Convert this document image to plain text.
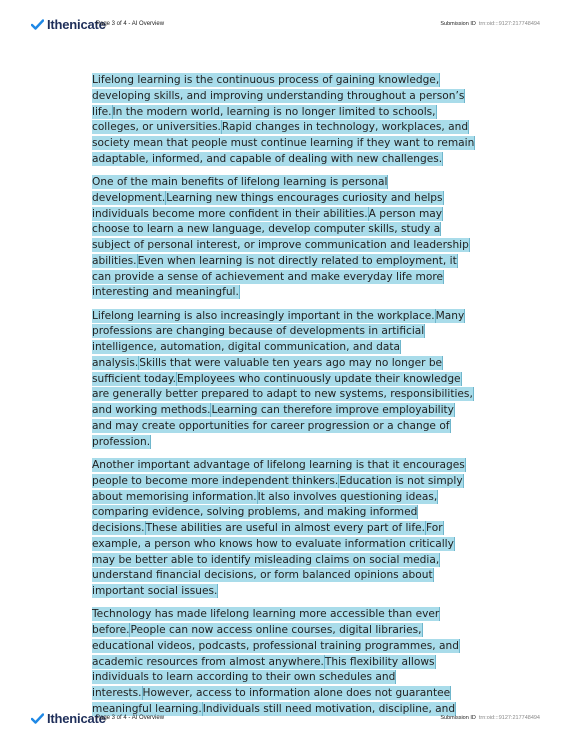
Ithenicate
Page 3 of 4 - AI Overview	Submission ID trn:oid:::9127:217748494

Lifelong learning is the continuous process of gaining knowledge, developing skills, and improving understanding throughout a person’s life.In the modern world, learning is no longer limited to schools, colleges, or universities.Rapid changes in technology, workplaces, and society mean that people must continue learning if they want to remain adaptable, informed, and capable of dealing with new challenges.

One of the main benefits of lifelong learning is personal development.Learning new things encourages curiosity and helps individuals become more confident in their abilities.A person may choose to learn a new language, develop computer skills, study a subject of personal interest, or improve communication and leadership abilities.Even when learning is not directly related to employment, it can provide a sense of achievement and make everyday life more interesting and meaningful.

Lifelong learning is also increasingly important in the workplace.Many professions are changing because of developments in artificial intelligence, automation, digital communication, and data analysis.Skills that were valuable ten years ago may no longer be sufficient today.Employees who continuously update their knowledge are generally better prepared to adapt to new systems, responsibilities, and working methods.Learning can therefore improve employability and may create opportunities for career progression or a change of profession.

Another important advantage of lifelong learning is that it encourages people to become more independent thinkers.Education is not simply about memorising information.It also involves questioning ideas, comparing evidence, solving problems, and making informed decisions.These abilities are useful in almost every part of life.For example, a person who knows how to evaluate information critically may be better able to identify misleading claims on social media, understand financial decisions, or form balanced opinions about important social issues.

Technology has made lifelong learning more accessible than ever before.People can now access online courses, digital libraries, educational videos, podcasts, professional training programmes, and academic resources from almost anywhere.This flexibility allows individuals to learn according to their own schedules and interests.However, access to information alone does not guarantee meaningful learning.Individuals still need motivation, discipline, and

Ithenicate
Page 3 of 4 - AI Overview	Submission ID trn:oid:::9127:217748494
